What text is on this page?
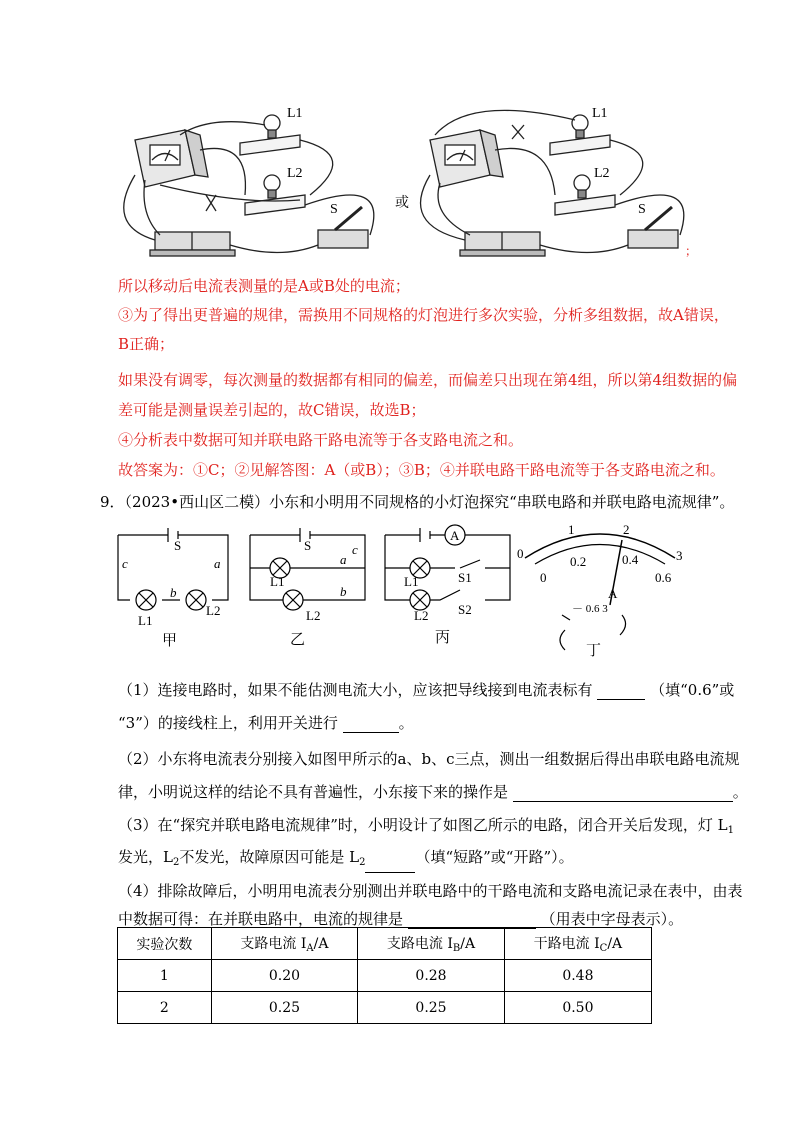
L1
L2
S	或
L1
L2
S
；
所以移动后电流表测量的是A或B处的电流；
③为了得出更普遍的规律，需换用不同规格的灯泡进行多次实验，分析多组数据，故A错误，
B正确；
如果没有调零，每次测量的数据都有相同的偏差，而偏差只出现在第4组，所以第4组数据的偏
差可能是测量误差引起的，故C错误，故选B；
④分析表中数据可知并联电路干路电流等于各支路电流之和。
故答案为：①C；②见解答图：A（或B）；③B；④并联电路干路电流等于各支路电流之和。
9．（2023•西山区二模）小东和小明用不同规格的小灯泡探究“串联电路和并联电路电流规律”。
S
c	a
b
L1
L2
甲
S
a
c
b
L1
L2
乙
A
L1	S1
L2 S2
丙
1	2
3
0
0
0.2	0.4
0.6
A
－ 0.6 3
丁
（1）连接电路时，如果不能估测电流大小，应该把导线接到电流表标有	（填“0.6”或
“3”）的接线柱上，利用开关进行	。
（2）小东将电流表分别接入如图甲所示的a、b、c三点，测出一组数据后得出串联电路电流规
律，小明说这样的结论不具有普遍性，小东接下来的操作是	。
（3）在“探究并联电路电流规律”时，小明设计了如图乙所示的电路，闭合开关后发现，灯 $L_1$
发光，$L_2$不发光，故障原因可能是 $L_2$	（填“短路”或“开路”）。
（4）排除故障后，小明用电流表分别测出并联电路中的干路电流和支路电流记录在表中，由表
中数据可得：在并联电路中，电流的规律是	（用表中字母表示）。
实验次数	支路电流 $I_A/A$	支路电流 $I_B/A$	干路电流 $I_C/A$
1	0.20	0.28	0.48
2	0.25	0.25	0.50
